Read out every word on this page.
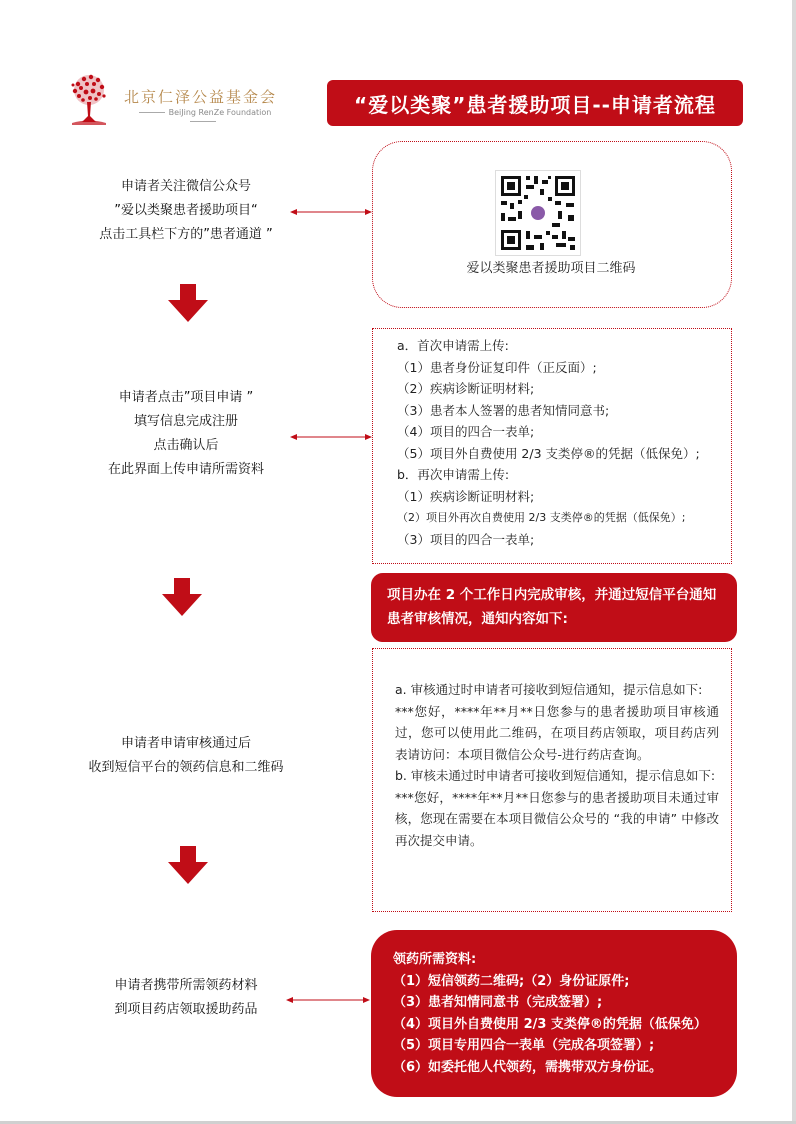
北京仁泽公益基金会
BeiJing RenZe Foundation	“爱以类聚”患者援助项目--申请者流程
申请者关注微信公众号
”爱以类聚患者援助项目“
点击工具栏下方的”患者通道 ”
爱以类聚患者援助项目二维码
申请者点击”项目申请 ”
填写信息完成注册
点击确认后
在此界面上传申请所需资料
a．首次申请需上传:
（1）患者身份证复印件（正反面）;
（2）疾病诊断证明材料;
（3）患者本人签署的患者知情同意书;
（4）项目的四合一表单;
（5）项目外自费使用 2/3 支类停®的凭据（低保免）;
b．再次申请需上传:
（1）疾病诊断证明材料;
（2）项目外再次自费使用 2/3 支类停®的凭据（低保免）;
（3）项目的四合一表单;
项目办在 2 个工作日内完成审核，并通过短信平台通知患者审核情况，通知内容如下:
申请者申请审核通过后
收到短信平台的领药信息和二维码
a. 审核通过时申请者可接收到短信通知，提示信息如下:
***您好，****年**月**日您参与的患者援助项目审核通过，您可以使用此二维码，在项目药店领取，项目药店列表请访问：本项目微信公众号-进行药店查询。
b. 审核未通过时申请者可接收到短信通知，提示信息如下:
***您好，****年**月**日您参与的患者援助项目未通过审核，您现在需要在本项目微信公众号的 “我的申请” 中修改再次提交申请。
申请者携带所需领药材料
到项目药店领取援助药品
领药所需资料:
（1）短信领药二维码;（2）身份证原件;
（3）患者知情同意书（完成签署）;
（4）项目外自费使用 2/3 支类停®的凭据（低保免）
（5）项目专用四合一表单（完成各项签署）;
（6）如委托他人代领药，需携带双方身份证。
